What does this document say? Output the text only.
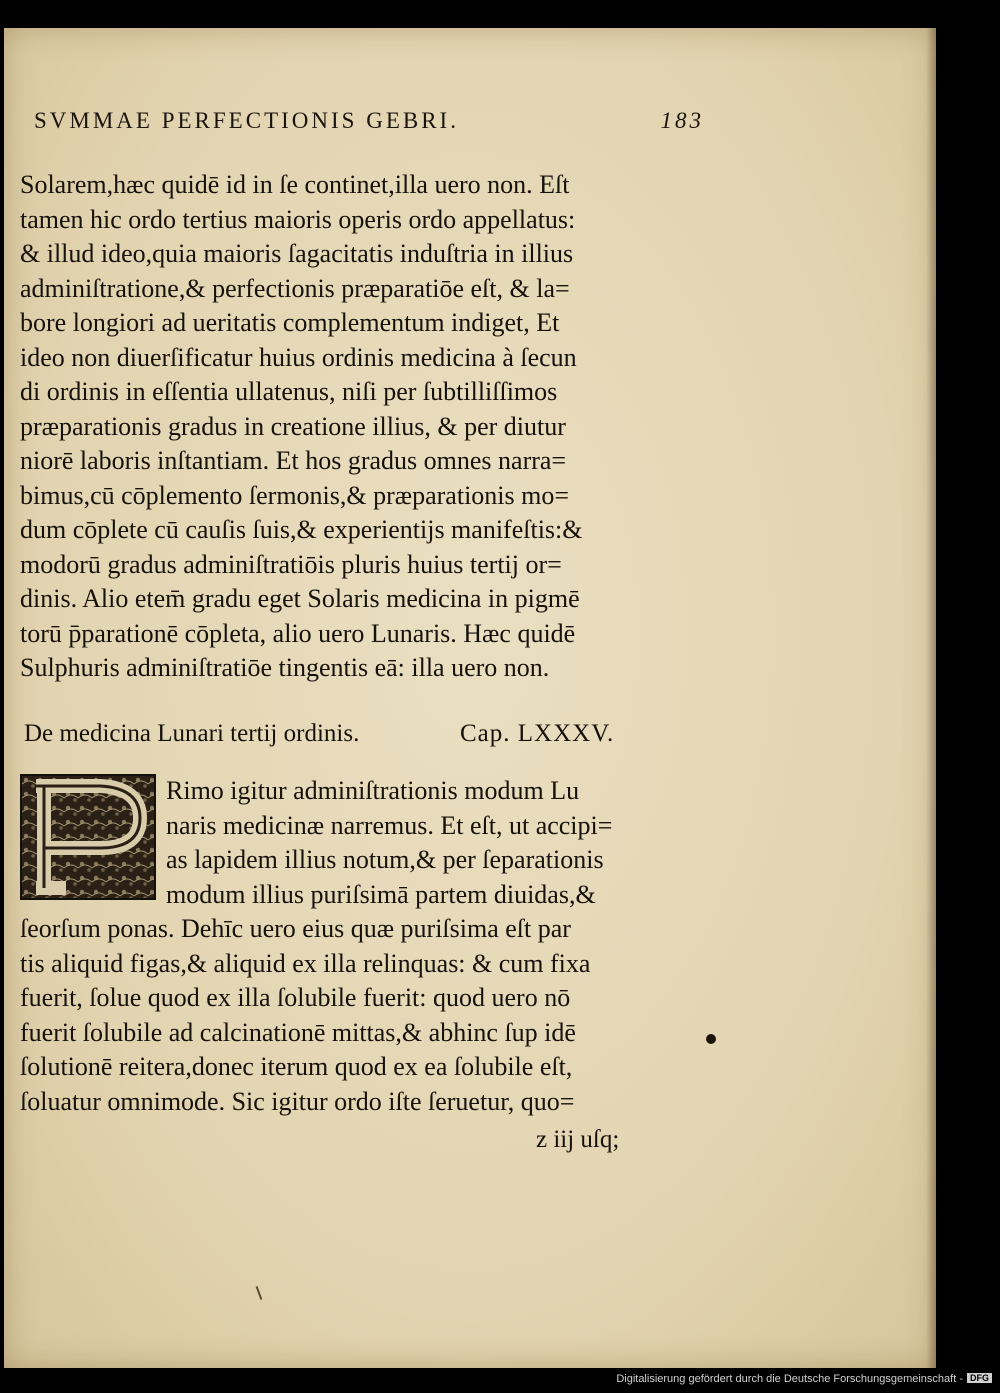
SVMMAE PERFECTIONIS GEBRI.	183
Solarem,hæc quidē id in ſe continet,illa uero non. Eſt
tamen hic ordo tertius maioris operis ordo appellatus:
& illud ideo,quia maioris ſagacitatis induſtria in illius
adminiſtratione,& perfectionis præparatiōe eſt, & la=
bore longiori ad ueritatis complementum indiget, Et
ideo non diuerſificatur huius ordinis medicina à ſecun
di ordinis in eſſentia ullatenus, niſi per ſubtilliſſimos
præparationis gradus in creatione illius, & per diutur
niorē laboris inſtantiam. Et hos gradus omnes narra=
bimus,cū cōplemento ſermonis,& præparationis mo=
dum cōplete cū cauſis ſuis,& experientijs manifeſtis:&
modorū gradus adminiſtratiōis pluris huius tertij or=
dinis. Alio etem̄ gradu eget Solaris medicina in pigmē
torū p̄parationē cōpleta, alio uero Lunaris. Hæc quidē
Sulphuris adminiſtratiōe tingentis eā: illa uero non.
De medicina Lunari tertij ordinis.	Cap. LXXXV.
Rimo igitur adminiſtrationis modum Lu
naris medicinæ narremus. Et eſt, ut accipi=
as lapidem illius notum,& per ſeparationis
modum illius puriſsimā partem diuidas,&
ſeorſum ponas. Dehīc uero eius quæ puriſsima eſt par
tis aliquid figas,& aliquid ex illa relinquas: & cum fixa
fuerit, ſolue quod ex illa ſolubile fuerit: quod uero nō
fuerit ſolubile ad calcinationē mittas,& abhinc ſup idē
ſolutionē reitera,donec iterum quod ex ea ſolubile eſt,
ſoluatur omnimode. Sic igitur ordo iſte ſeruetur, quo=
z iij uſq;
Digitalisierung gefördert durch die Deutsche Forschungsgemeinschaft - DFG
